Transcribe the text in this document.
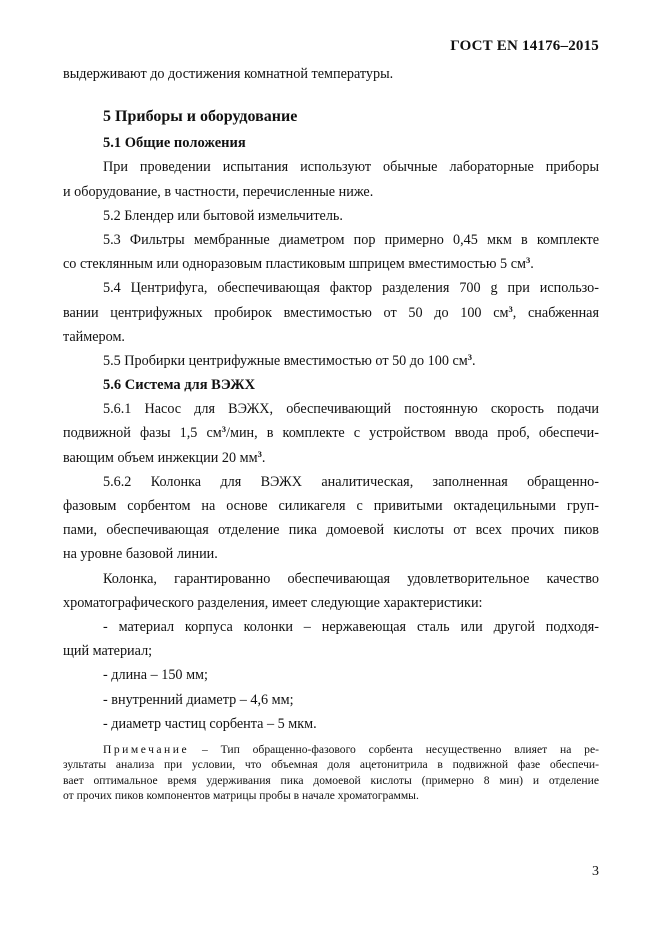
ГОСТ EN 14176–2015
выдерживают до достижения комнатной температуры.
5 Приборы и оборудование
5.1 Общие положения
При проведении испытания используют обычные лабораторные приборы
и оборудование, в частности, перечисленные ниже.
5.2 Блендер или бытовой измельчитель.
5.3 Фильтры мембранные диаметром пор примерно 0,45 мкм в комплекте
со стеклянным или одноразовым пластиковым шприцем вместимостью 5 $см^3$.
5.4 Центрифуга, обеспечивающая фактор разделения 700 g при использо-
вании центрифужных пробирок вместимостью от 50 до 100 $см^3$, снабженная
таймером.
5.5 Пробирки центрифужные вместимостью от 50 до 100 $см^3$.
5.6 Система для ВЭЖХ
5.6.1 Насос для ВЭЖХ, обеспечивающий постоянную скорость подачи
подвижной фазы 1,5 $см^3$/мин, в комплекте с устройством ввода проб, обеспечи-
вающим объем инжекции 20 $мм^3$.
5.6.2 Колонка для ВЭЖХ аналитическая, заполненная обращенно-
фазовым сорбентом на основе силикагеля с привитыми октадецильными груп-
пами, обеспечивающая отделение пика домоевой кислоты от всех прочих пиков
на уровне базовой линии.
Колонка, гарантированно обеспечивающая удовлетворительное качество
хроматографического разделения, имеет следующие характеристики:
- материал корпуса колонки – нержавеющая сталь или другой подходя-
щий материал;
- длина – 150 мм;
- внутренний диаметр – 4,6 мм;
- диаметр частиц сорбента – 5 мкм.
Примечание – Тип обращенно-фазового сорбента несущественно влияет на ре-
зультаты анализа при условии, что объемная доля ацетонитрила в подвижной фазе обеспечи-
вает оптимальное время удерживания пика домоевой кислоты (примерно 8 мин) и отделение
от прочих пиков компонентов матрицы пробы в начале хроматограммы.
3
